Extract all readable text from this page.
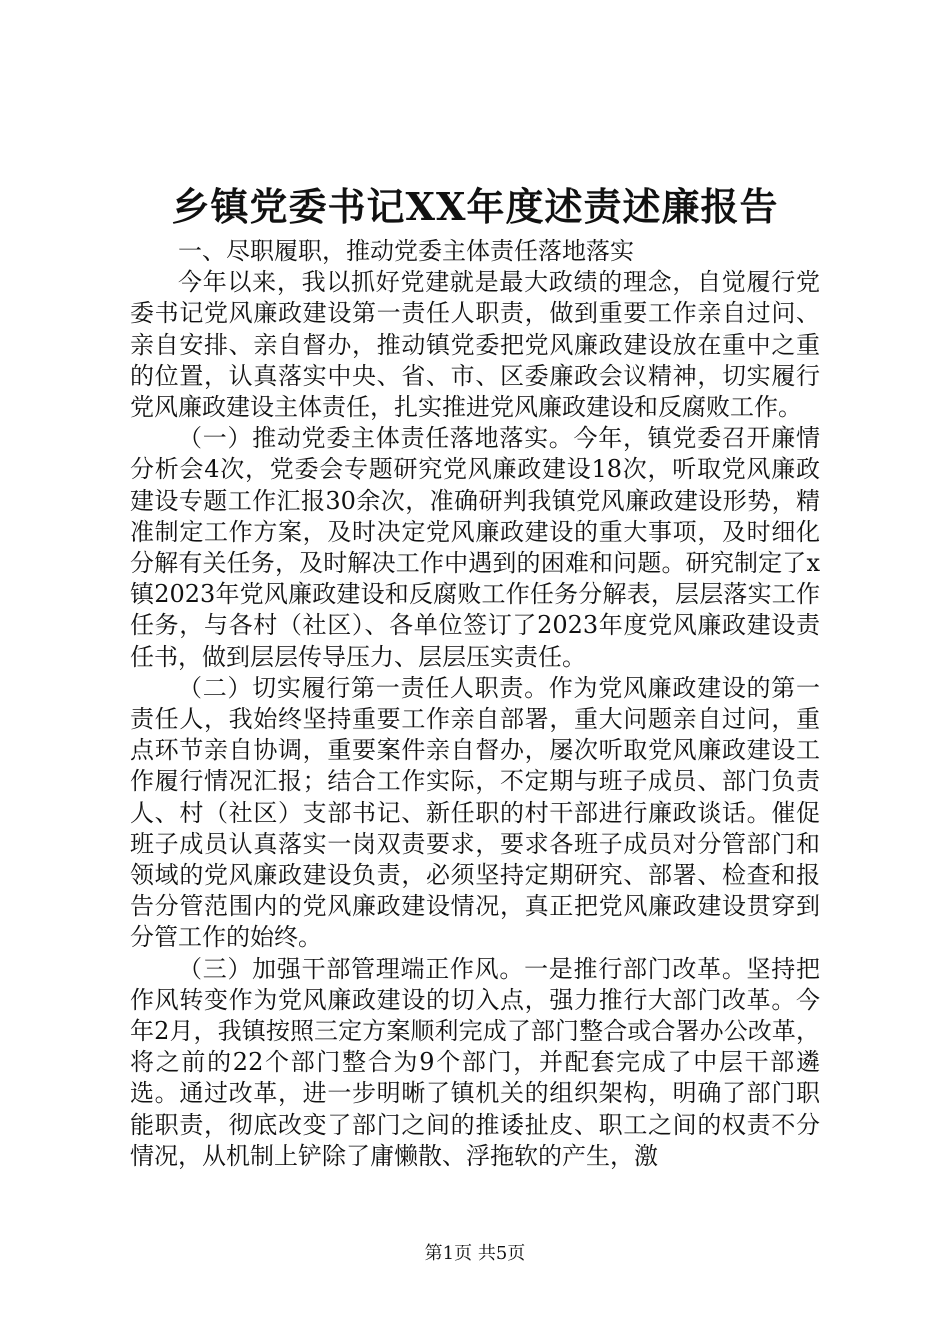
乡镇党委书记XX年度述责述廉报告

一、尽职履职，推动党委主体责任落地落实

今年以来，我以抓好党建就是最大政绩的理念，自觉履行党委书记党风廉政建设第一责任人职责，做到重要工作亲自过问、亲自安排、亲自督办，推动镇党委把党风廉政建设放在重中之重的位置，认真落实中央、省、市、区委廉政会议精神，切实履行党风廉政建设主体责任，扎实推进党风廉政建设和反腐败工作。

（一）推动党委主体责任落地落实。今年，镇党委召开廉情分析会4次，党委会专题研究党风廉政建设18次，听取党风廉政建设专题工作汇报30余次，准确研判我镇党风廉政建设形势，精准制定工作方案，及时决定党风廉政建设的重大事项，及时细化分解有关任务，及时解决工作中遇到的困难和问题。研究制定了x镇2023年党风廉政建设和反腐败工作任务分解表，层层落实工作任务，与各村（社区）、各单位签订了2023年度党风廉政建设责任书，做到层层传导压力、层层压实责任。

（二）切实履行第一责任人职责。作为党风廉政建设的第一责任人，我始终坚持重要工作亲自部署，重大问题亲自过问，重点环节亲自协调，重要案件亲自督办，屡次听取党风廉政建设工作履行情况汇报；结合工作实际，不定期与班子成员、部门负责人、村（社区）支部书记、新任职的村干部进行廉政谈话。催促班子成员认真落实一岗双责要求，要求各班子成员对分管部门和领域的党风廉政建设负责，必须坚持定期研究、部署、检查和报告分管范围内的党风廉政建设情况，真正把党风廉政建设贯穿到分管工作的始终。

（三）加强干部管理端正作风。一是推行部门改革。坚持把作风转变作为党风廉政建设的切入点，强力推行大部门改革。今年2月，我镇按照三定方案顺利完成了部门整合或合署办公改革，将之前的22个部门整合为9个部门，并配套完成了中层干部遴选。通过改革，进一步明晰了镇机关的组织架构，明确了部门职能职责，彻底改变了部门之间的推诿扯皮、职工之间的权责不分情况，从机制上铲除了庸懒散、浮拖软的产生，激

第1页 共5页
